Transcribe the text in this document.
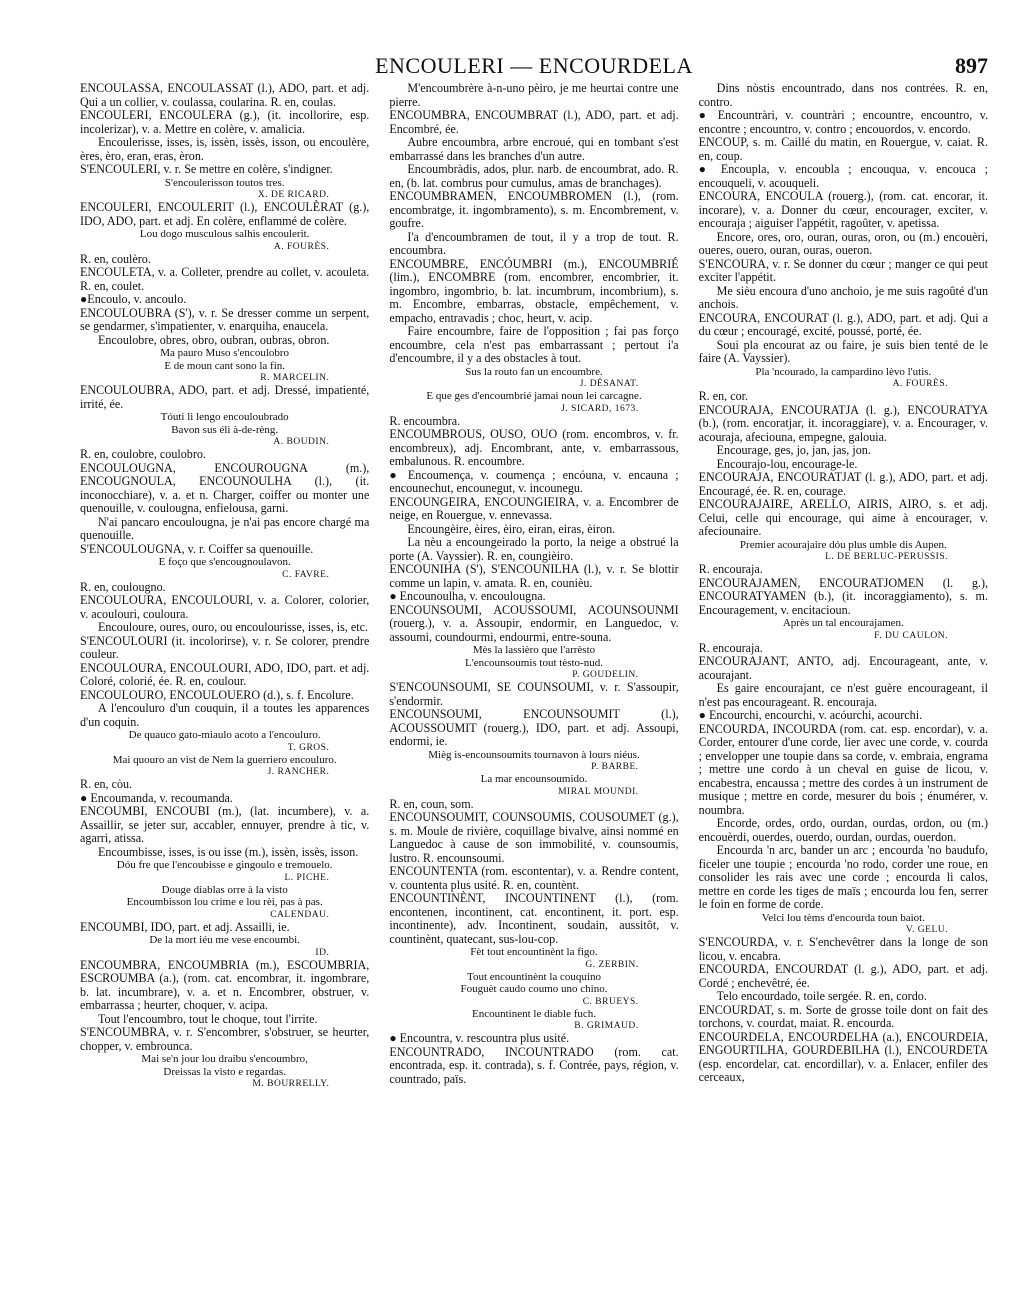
ENCOULERI — ENCOURDELA	897

ENCOULASSA, ENCOULASSAT (l.), ADO, part. et adj. Qui a un collier, v. coulassa, coularina. R. en, coulas.

ENCOULERI, ENCOULERA (g.), (it. incollorire, esp. incolerizar), v. a. Mettre en colère, v. amalicia.

Encoulerisse, isses, is, issèn, issès, isson, ou encoulère, ères, èro, eran, eras, èron.

S'ENCOULERI, v. r. Se mettre en colère, s'indigner.

S'encoulerisson toutos tres.

X. DE RICARD.

ENCOULERI, ENCOULERIT (l.), ENCOULÈRAT (g.), IDO, ADO, part. et adj. En colère, enflammé de colère.

Lou dogo musculous salhis encoulerit.

A. FOURÈS.

R. en, coulèro.

ENCOULETA, v. a. Colleter, prendre au collet, v. acouleta. R. en, coulet.

●Encoulo, v. ancoulo.

ENCOULOUBRA (S'), v. r. Se dresser comme un serpent, se gendarmer, s'impatienter, v. enarquiha, enaucela.

Encoulobre, obres, obro, oubran, oubras, obron.

Ma pauro Muso s'encoulobro

E de moun cant sono la fin.

R. MARCELIN.

ENCOULOUBRA, ADO, part. et adj. Dressé, impatienté, irrité, ée.

Tóuti li lengo encouloubrado

Bavon sus éli à-de-rèng.

A. BOUDIN.

R. en, coulobre, coulobro.

ENCOULOUGNA, ENCOUROUGNA (m.), ENCOUGNOULA, ENCOUNOULHA (l.), (it. inconocchiare), v. a. et n. Charger, coiffer ou monter une quenouille, v. coulougna, enfielousa, garni.

N'ai pancaro encoulougna, je n'ai pas encore chargé ma quenouille.

S'ENCOULOUGNA, v. r. Coiffer sa quenouille.

E foço que s'encougnoulavon.

C. FAVRE.

R. en, coulougno.

ENCOULOURA, ENCOULOURI, v. a. Colorer, colorier, v. acoulouri, couloura.

Encouloure, oures, ouro, ou encoulourisse, isses, is, etc.

S'ENCOULOURI (it. incolorirse), v. r. Se colorer, prendre couleur.

ENCOULOURA, ENCOULOURI, ADO, IDO, part. et adj. Coloré, colorié, ée. R. en, coulour.

ENCOULOURO, ENCOULOUERO (d.), s. f. Encolure.

A l'encouluro d'un couquin, il a toutes les apparences d'un coquin.

De quauco gato-miaulo acoto a l'encouluro.

T. GROS.

Mai quouro an vist de Nem la guerriero encouluro.

J. RANCHER.

R. en, còu.

● Encoumanda, v. recoumanda.

ENCOUMBI, ENCOUBI (m.), (lat. incumbere), v. a. Assaillir, se jeter sur, accabler, ennuyer, prendre à tic, v. agarri, atissa.

Encoumbisse, isses, is ou isse (m.), issèn, issès, isson.

Dóu fre que l'encoubisse e gingoulo e tremouelo.

L. PICHE.

Douge diablas orre à la visto

Encoumbisson lou crime e lou rèi, pas à pas.

CALENDAU.

ENCOUMBI, IDO, part. et adj. Assailli, ie.

De la mort iéu me vese encoumbi.

ID.

ENCOUMBRA, ENCOUMBRIA (m.), ESCOUMBRIA, ESCROUMBA (a.), (rom. cat. encombrar, it. ingombrare, b. lat. incumbrare), v. a. et n. Encombrer, obstruer, v. embarrassa ; heurter, choquer, v. acipa.

Tout l'encoumbro, tout le choque, tout l'irrite.

S'ENCOUMBRA, v. r. S'encombrer, s'obstruer, se heurter, chopper, v. embrounca.

Mai se'n jour lou draibu s'encoumbro,

Dreissas la visto e regardas.

M. BOURRELLY.

M'encoumbrère à-n-uno pèiro, je me heurtai contre une pierre.

ENCOUMBRA, ENCOUMBRAT (l.), ADO, part. et adj. Encombré, ée.

Aubre encoumbra, arbre encroué, qui en tombant s'est embarrassé dans les branches d'un autre.

Encoumbràdis, ados, plur. narb. de encoumbrat, ado. R. en, (b. lat. combrus pour cumulus, amas de branchages).

ENCOUMBRAMEN, ENCOUMBROMEN (l.), (rom. encombratge, it. ingombramento), s. m. Encombrement, v. goufre.

I'a d'encoumbramen de tout, il y a trop de tout. R. encoumbra.

ENCOUMBRE, ENCÓUMBRI (m.), ENCOUMBRIÉ (lim.), ENCOMBRE (rom. encombrer, encombrier, it. ingombro, ingombrio, b. lat. incumbrum, incombrium), s. m. Encombre, embarras, obstacle, empêchement, v. empacho, entravadis ; choc, heurt, v. acip.

Faire encoumbre, faire de l'opposition ; fai pas forço encoumbre, cela n'est pas embarrassant ; pertout i'a d'encoumbre, il y a des obstacles à tout.

Sus la routo fan un encoumbre.

J. DÉSANAT.

E que ges d'encoumbrié jamai noun lei carcagne.

J. SICARD, 1673.

R. encoumbra.

ENCOUMBROUS, OUSO, OUO (rom. encombros, v. fr. encombreux), adj. Encombrant, ante, v. embarrassous, embalunous. R. encoumbre.

● Encoumença, v. coumença ; encóuna, v. encauna ; encounechut, encounegut, v. incounegu.

ENCOUNGEIRA, ENCOUNGIEIRA, v. a. Encombrer de neige, en Rouergue, v. ennevassa.

Encoungèire, èires, èiro, eiran, eiras, èiron.

La nèu a encoungeirado la porto, la neige a obstrué la porte (A. Vayssier). R. en, coungièiro.

ENCOUNIHA (S'), S'ENCOUNILHA (l.), v. r. Se blottir comme un lapin, v. amata. R. en, counièu.

● Encounoulha, v. encoulougna.

ENCOUNSOUMI, ACOUSSOUMI, ACOUNSOUNMI (rouerg.), v. a. Assoupir, endormir, en Languedoc, v. assoumi, coundourmi, endourmi, entre-souna.

Mès la lassièro que l'arrèsto

L'encounsoumis tout tèsto-nud.

P. GOUDELIN.

S'ENCOUNSOUMI, SE COUNSOUMI, v. r. S'assoupir, s'endormir.

ENCOUNSOUMI, ENCOUNSOUMIT (l.), ACOUSSOUMIT (rouerg.), IDO, part. et adj. Assoupi, endormi, ie.

Mièg is-encounsoumits tournavon à lours niéus.

P. BARBE.

La mar encounsoumido.

MIRAL MOUNDI.

R. en, coun, som.

ENCOUNSOUMIT, COUNSOUMIS, COUSOUMET (g.), s. m. Moule de rivière, coquillage bivalve, ainsi nommé en Languedoc à cause de son immobilité, v. counsoumis, lustro. R. encounsoumi.

ENCOUNTENTA (rom. escontentar), v. a. Rendre content, v. countenta plus usité. R. en, countènt.

ENCOUNTINÈNT, INCOUNTINENT (l.), (rom. encontenen, incontinent, cat. encontinent, it. port. esp. incontinente), adv. Incontinent, soudain, aussitôt, v. countinènt, quatecant, sus-lou-cop.

Fèt tout encountinènt la figo.

G. ZERBIN.

Tout encountinènt la couquino

Fouguèt caudo coumo uno chino.

C. BRUEYS.

Encountinent le diable fuch.

B. GRIMAUD.

● Encountra, v. rescountra plus usité.

ENCOUNTRADO, INCOUNTRADO (rom. cat. encontrada, esp. it. contrada), s. f. Contrée, pays, région, v. countrado, païs.

Dins nòstis encountrado, dans nos contrées. R. en, contro.

● Encountràri, v. countràri ; encountre, encountro, v. encontre ; encountro, v. contro ; encouordos, v. encordo.

ENCOUP, s. m. Caillé du matin, en Rouergue, v. caiat. R. en, coup.

● Encoupla, v. encoubla ; encouqua, v. encouca ; encouqueli, v. acouqueli.

ENCOURA, ENCOULA (rouerg.), (rom. cat. encorar, it. incorare), v. a. Donner du cœur, encourager, exciter, v. encouraja ; aiguiser l'appétit, ragoûter, v. apetissa.

Encore, ores, oro, ouran, ouras, oron, ou (m.) encouèri, oueres, ouero, ouran, ouras, oueron.

S'ENCOURA, v. r. Se donner du cœur ; manger ce qui peut exciter l'appétit.

Me sièu encoura d'uno anchoio, je me suis ragoûté d'un anchois.

ENCOURA, ENCOURAT (l. g.), ADO, part. et adj. Qui a du cœur ; encouragé, excité, poussé, porté, ée.

Soui pla encourat az ou faire, je suis bien tenté de le faire (A. Vayssier).

Pla 'ncourado, la campardino lèvo l'utis.

A. FOURÈS.

R. en, cor.

ENCOURAJA, ENCOURATJA (l. g.), ENCOURATYA (b.), (rom. encoratjar, it. incoraggiare), v. a. Encourager, v. acouraja, afeciouna, empegne, galouia.

Encourage, ges, jo, jan, jas, jon.

Encourajo-lou, encourage-le.

ENCOURAJA, ENCOURATJAT (l. g.), ADO, part. et adj. Encouragé, ée. R. en, courage.

ENCOURAJAIRE, ARELLO, AIRIS, AIRO, s. et adj. Celui, celle qui encourage, qui aime à encourager, v. afeciounaire.

Premier acourajaire dóu plus umble dis Aupen.

L. DE BERLUC-PERUSSIS.

R. encouraja.

ENCOURAJAMEN, ENCOURATJOMEN (l. g.), ENCOURATYAMEN (b.), (it. incoraggiamento), s. m. Encouragement, v. encitacioun.

Après un tal encourajamen.

F. DU CAULON.

R. encouraja.

ENCOURAJANT, ANTO, adj. Encourageant, ante, v. acourajant.

Es gaire encourajant, ce n'est guère encourageant, il n'est pas encourageant. R. encouraja.

● Encourchi, encourchi, v. acóurchi, acourchi.

ENCOURDA, INCOURDA (rom. cat. esp. encordar), v. a. Corder, entourer d'une corde, lier avec une corde, v. courda ; envelopper une toupie dans sa corde, v. embraia, engrama ; mettre une cordo à un cheval en guise de licou, v. encabestra, encaussa ; mettre des cordes à un instrument de musique ; mettre en corde, mesurer du bois ; énumérer, v. noumbra.

Encorde, ordes, ordo, ourdan, ourdas, ordon, ou (m.) encouèrdi, ouerdes, ouerdo, ourdan, ourdas, ouerdon.

Encourda 'n arc, bander un arc ; encourda 'no baudufo, ficeler une toupie ; encourda 'no rodo, corder une roue, en consolider les rais avec une corde ; encourda li calos, mettre en corde les tiges de maïs ; encourda lou fen, serrer le foin en forme de corde.

Velci lou tèms d'encourda toun baiot.

V. GELU.

S'ENCOURDA, v. r. S'enchevêtrer dans la longe de son licou, v. encabra.

ENCOURDA, ENCOURDAT (l. g.), ADO, part. et adj. Cordé ; enchevêtré, ée.

Telo encourdado, toile sergée. R. en, cordo.

ENCOURDAT, s. m. Sorte de grosse toile dont on fait des torchons, v. courdat, maiat. R. encourda.

ENCOURDELA, ENCOURDELHA (a.), ENCOURDEIA, ENGOURTILHA, GOURDEBILHA (l.), ENCOURDETA (esp. encordelar, cat. encordillar), v. a. Enlacer, enfiler des cerceaux,
